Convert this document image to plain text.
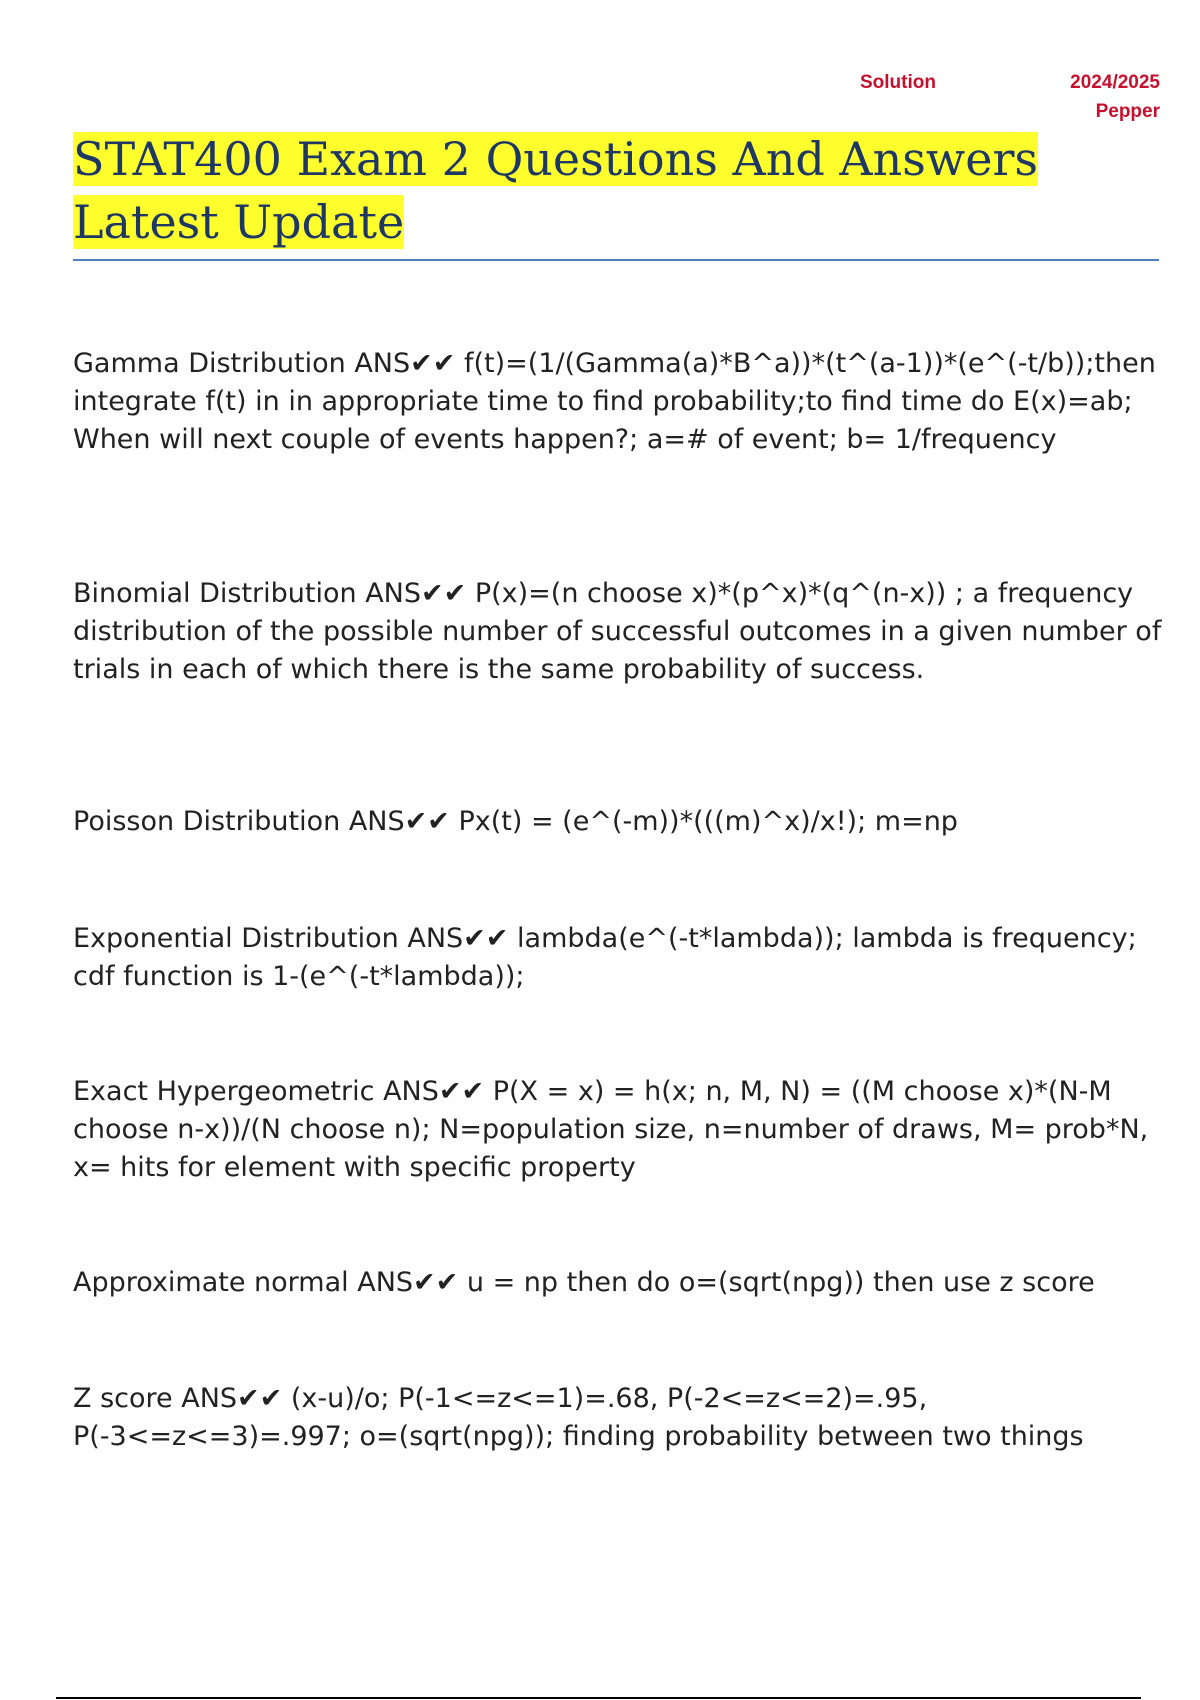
Solution	2024/2025
Pepper
STAT400 Exam 2 Questions And Answers Latest Update

Gamma Distribution ANS✔✔ f(t)=(1/(Gamma(a)*B^a))*(t^(a-1))*(e^(-t/b));then integrate f(t) in in appropriate time to find probability;to find time do E(x)=ab; When will next couple of events happen?; a=# of event; b= 1/frequency

Binomial Distribution ANS✔✔ P(x)=(n choose x)*(p^x)*(q^(n-x)) ; a frequency distribution of the possible number of successful outcomes in a given number of trials in each of which there is the same probability of success.

Poisson Distribution ANS✔✔ Px(t) = (e^(-m))*(((m)^x)/x!); m=np

Exponential Distribution ANS✔✔ lambda(e^(-t*lambda)); lambda is frequency; cdf function is 1-(e^(-t*lambda));

Exact Hypergeometric ANS✔✔ P(X = x) = h(x; n, M, N) = ((M choose x)*(N-M choose n-x))/(N choose n); N=population size, n=number of draws, M= prob*N, x= hits for element with specific property

Approximate normal ANS✔✔ u = np then do o=(sqrt(npg)) then use z score

Z score ANS✔✔ (x-u)/o; P(-1<=z<=1)=.68, P(-2<=z<=2)=.95, P(-3<=z<=3)=.997; o=(sqrt(npg)); finding probability between two things
